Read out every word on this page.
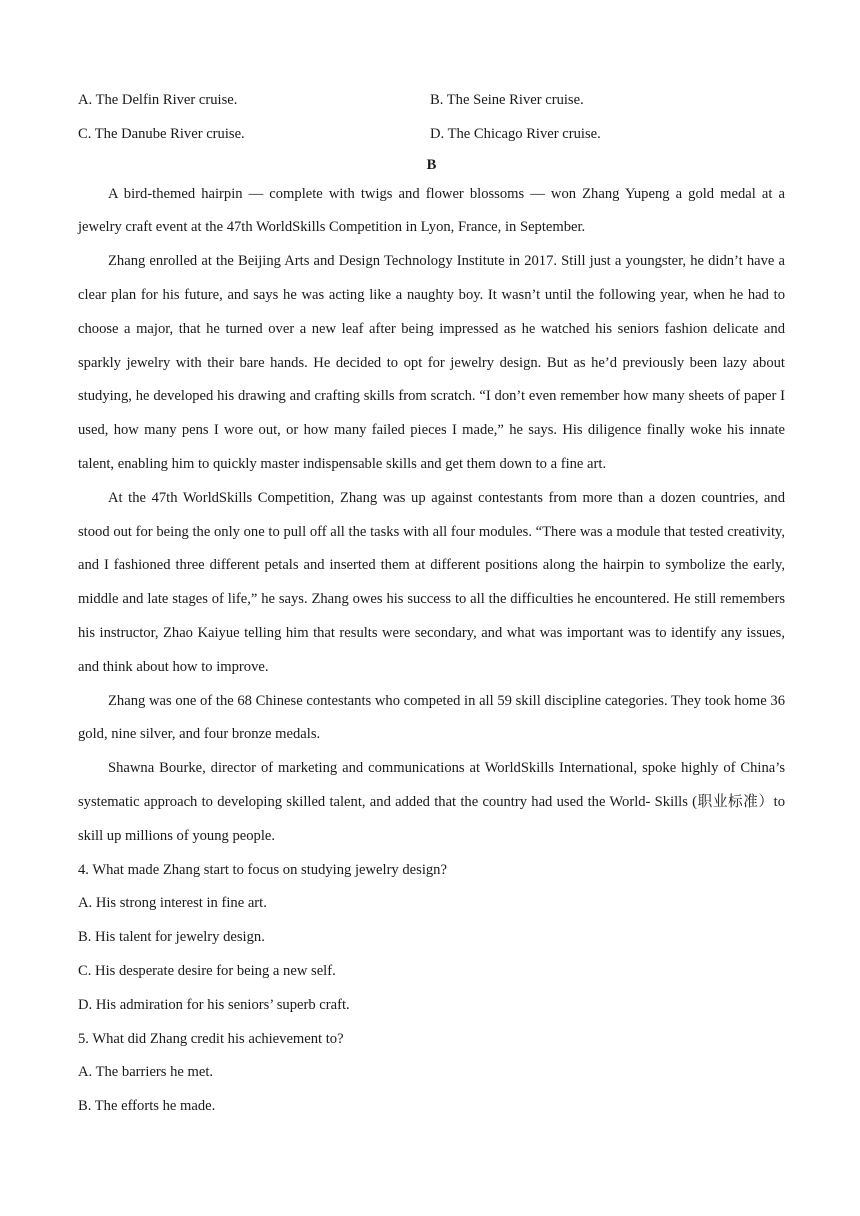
A. The Delfin River cruise.	B. The Seine River cruise.
C. The Danube River cruise.	D. The Chicago River cruise.
B

A bird-themed hairpin — complete with twigs and flower blossoms — won Zhang Yupeng a gold medal at a jewelry craft event at the 47th WorldSkills Competition in Lyon, France, in September.

Zhang enrolled at the Beijing Arts and Design Technology Institute in 2017. Still just a youngster, he didn’t have a clear plan for his future, and says he was acting like a naughty boy. It wasn’t until the following year, when he had to choose a major, that he turned over a new leaf after being impressed as he watched his seniors fashion delicate and sparkly jewelry with their bare hands. He decided to opt for jewelry design. But as he’d previously been lazy about studying, he developed his drawing and crafting skills from scratch. “I don’t even remember how many sheets of paper I used, how many pens I wore out, or how many failed pieces I made,” he says. His diligence finally woke his innate talent, enabling him to quickly master indispensable skills and get them down to a fine art.

At the 47th WorldSkills Competition, Zhang was up against contestants from more than a dozen countries, and stood out for being the only one to pull off all the tasks with all four modules. “There was a module that tested creativity, and I fashioned three different petals and inserted them at different positions along the hairpin to symbolize the early, middle and late stages of life,” he says. Zhang owes his success to all the difficulties he encountered. He still remembers his instructor, Zhao Kaiyue telling him that results were secondary, and what was important was to identify any issues, and think about how to improve.

Zhang was one of the 68 Chinese contestants who competed in all 59 skill discipline categories. They took home 36 gold, nine silver, and four bronze medals.

Shawna Bourke, director of marketing and communications at WorldSkills International, spoke highly of China’s systematic approach to developing skilled talent, and added that the country had used the World- Skills (职业标准）to skill up millions of young people.

4. What made Zhang start to focus on studying jewelry design?

A. His strong interest in fine art.

B. His talent for jewelry design.

C. His desperate desire for being a new self.

D. His admiration for his seniors’ superb craft.

5. What did Zhang credit his achievement to?

A. The barriers he met.

B. The efforts he made.
